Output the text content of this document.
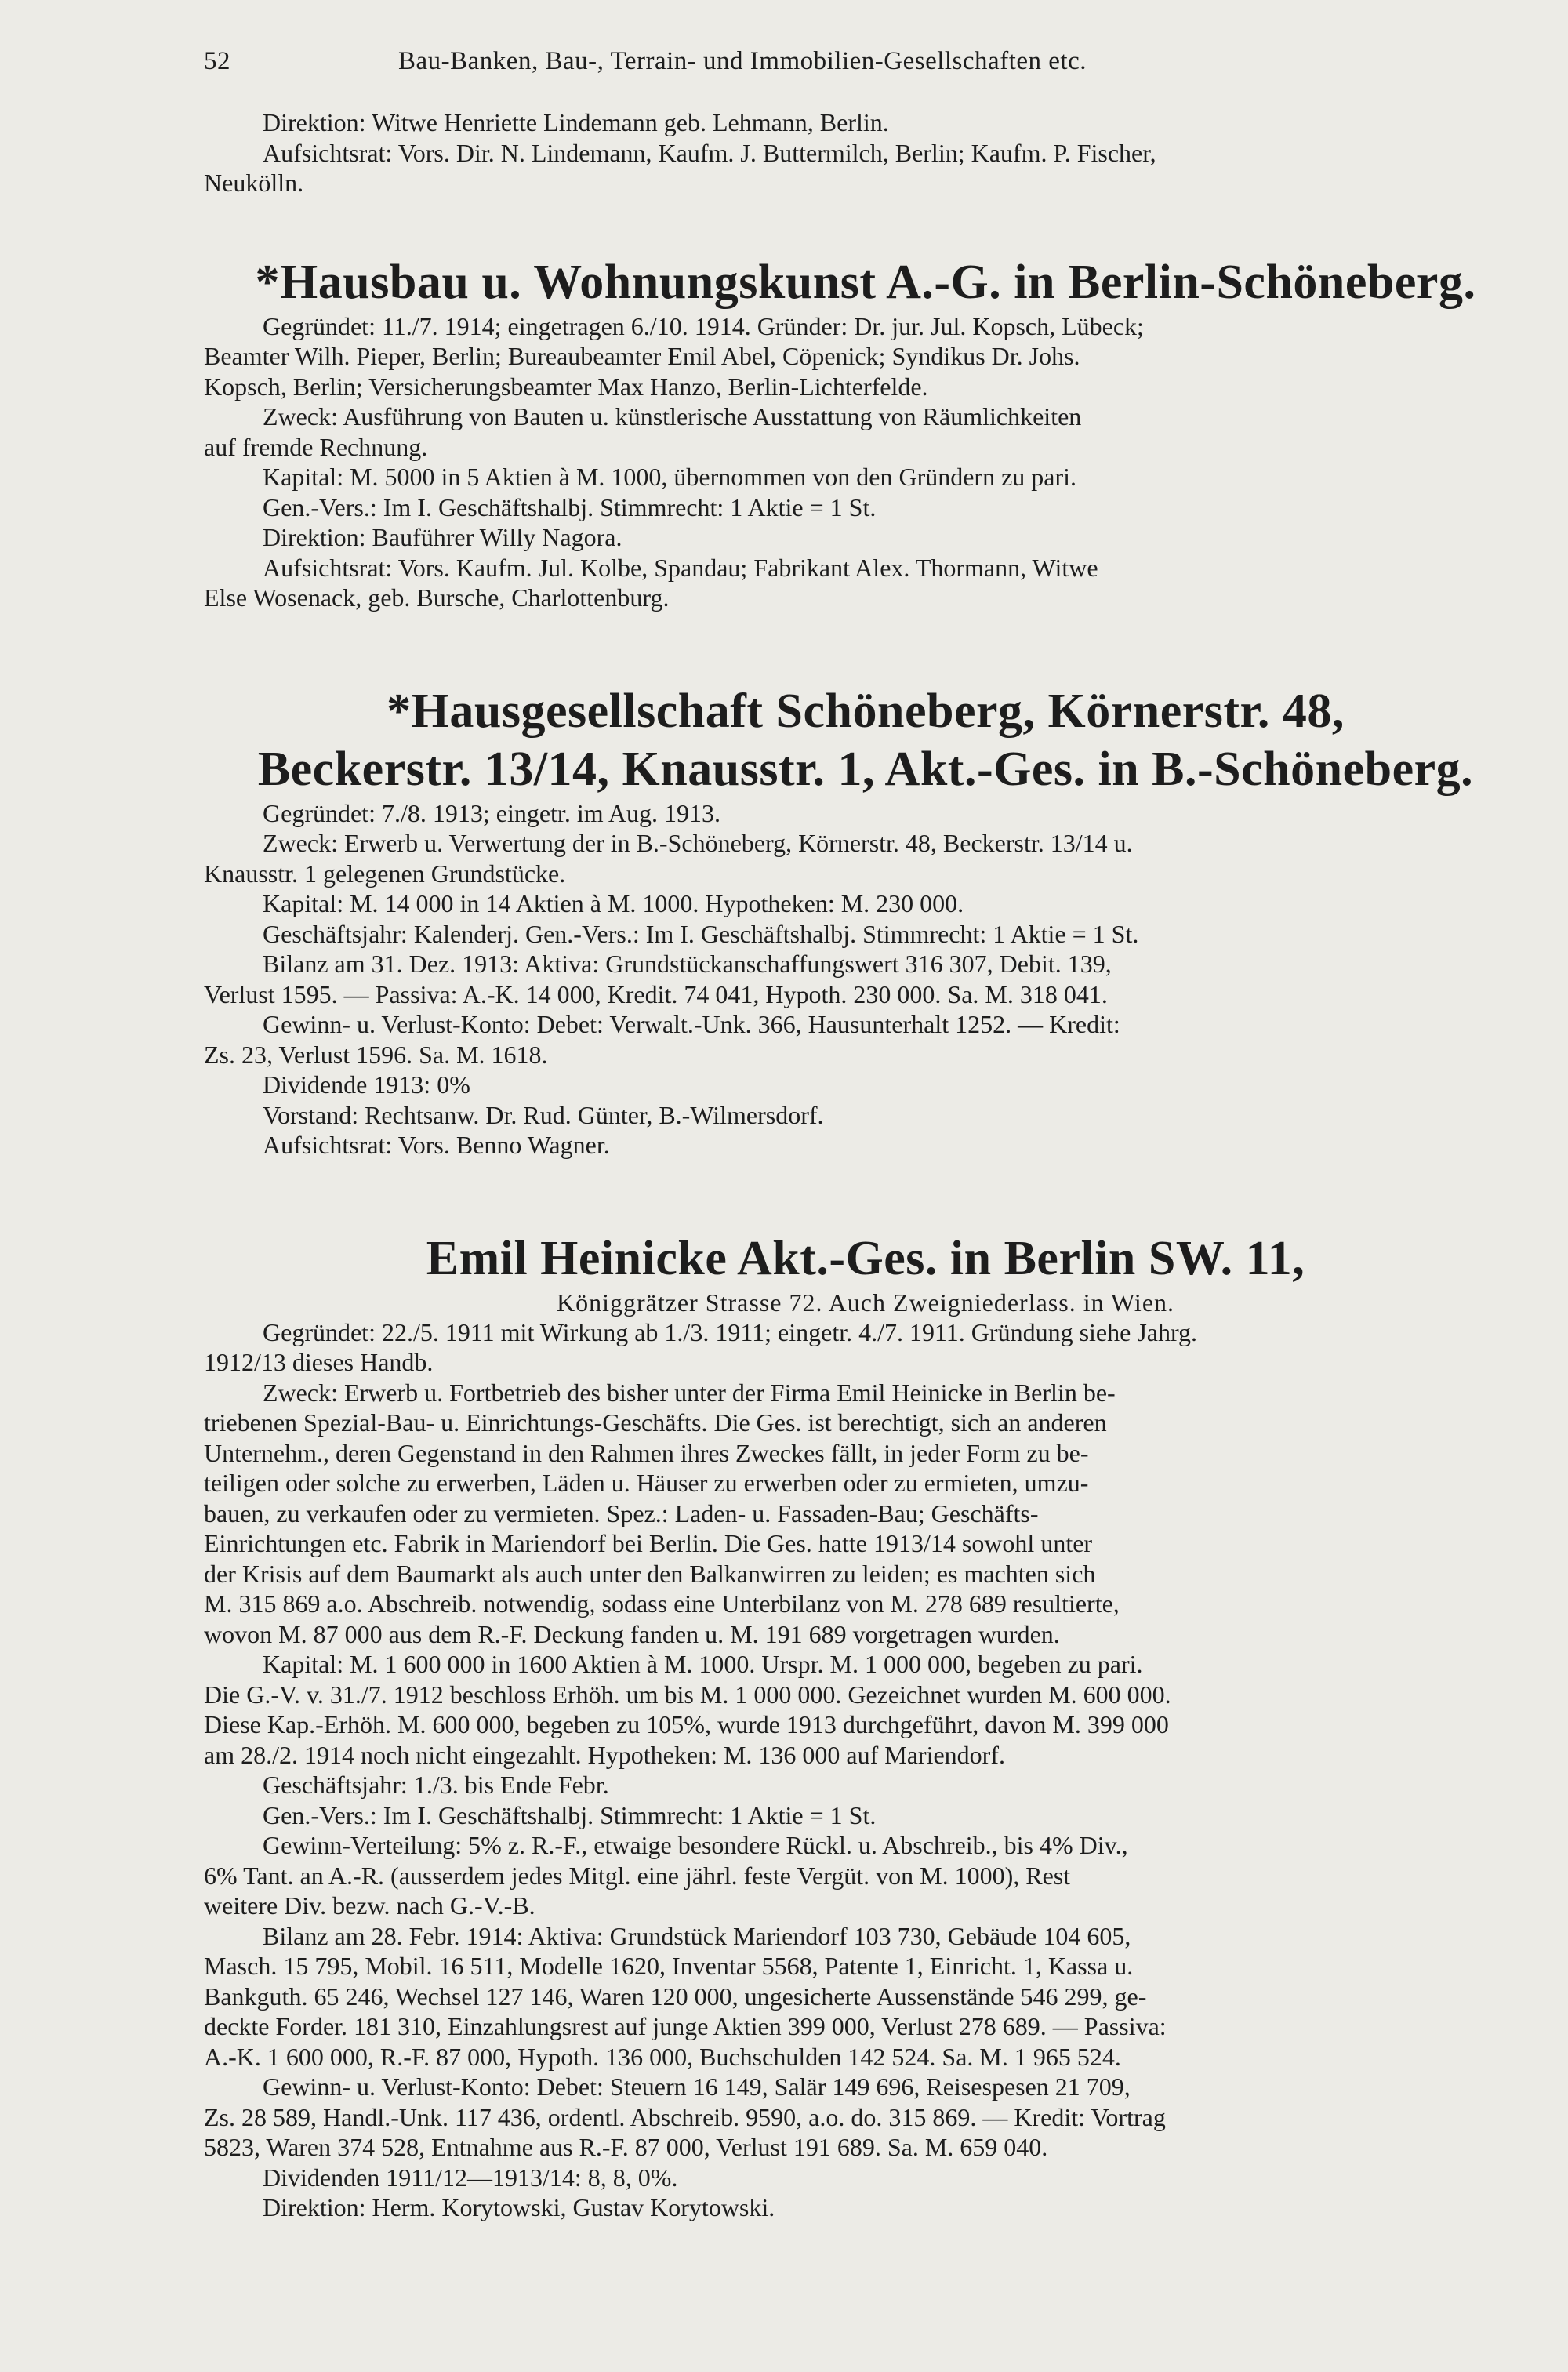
52	Bau-Banken, Bau-, Terrain- und Immobilien-Gesellschaften etc.

Direktion: Witwe Henriette Lindemann geb. Lehmann, Berlin.

Aufsichtsrat: Vors. Dir. N. Lindemann, Kaufm. J. Buttermilch, Berlin; Kaufm. P. Fischer,

Neukölln.

*Hausbau u. Wohnungskunst A.-G. in Berlin-Schöneberg.

Gegründet: 11./7. 1914; eingetragen 6./10. 1914. Gründer: Dr. jur. Jul. Kopsch, Lübeck;

Beamter Wilh. Pieper, Berlin; Bureaubeamter Emil Abel, Cöpenick; Syndikus Dr. Johs.

Kopsch, Berlin; Versicherungsbeamter Max Hanzo, Berlin-Lichterfelde.

Zweck: Ausführung von Bauten u. künstlerische Ausstattung von Räumlichkeiten

auf fremde Rechnung.

Kapital: M. 5000 in 5 Aktien à M. 1000, übernommen von den Gründern zu pari.

Gen.-Vers.: Im I. Geschäftshalbj. Stimmrecht: 1 Aktie = 1 St.

Direktion: Bauführer Willy Nagora.

Aufsichtsrat: Vors. Kaufm. Jul. Kolbe, Spandau; Fabrikant Alex. Thormann, Witwe

Else Wosenack, geb. Bursche, Charlottenburg.

*Hausgesellschaft Schöneberg, Körnerstr. 48,
Beckerstr. 13/14, Knausstr. 1, Akt.-Ges. in B.-Schöneberg.

Gegründet: 7./8. 1913; eingetr. im Aug. 1913.

Zweck: Erwerb u. Verwertung der in B.-Schöneberg, Körnerstr. 48, Beckerstr. 13/14 u.

Knausstr. 1 gelegenen Grundstücke.

Kapital: M. 14 000 in 14 Aktien à M. 1000. Hypotheken: M. 230 000.

Geschäftsjahr: Kalenderj. Gen.-Vers.: Im I. Geschäftshalbj. Stimmrecht: 1 Aktie = 1 St.

Bilanz am 31. Dez. 1913: Aktiva: Grundstückanschaffungswert 316 307, Debit. 139,

Verlust 1595. — Passiva: A.-K. 14 000, Kredit. 74 041, Hypoth. 230 000. Sa. M. 318 041.

Gewinn- u. Verlust-Konto: Debet: Verwalt.-Unk. 366, Hausunterhalt 1252. — Kredit:

Zs. 23, Verlust 1596. Sa. M. 1618.

Dividende 1913: 0%

Vorstand: Rechtsanw. Dr. Rud. Günter, B.-Wilmersdorf.

Aufsichtsrat: Vors. Benno Wagner.

Emil Heinicke Akt.-Ges. in Berlin SW. 11,

Königgrätzer Strasse 72. Auch Zweigniederlass. in Wien.

Gegründet: 22./5. 1911 mit Wirkung ab 1./3. 1911; eingetr. 4./7. 1911. Gründung siehe Jahrg.

1912/13 dieses Handb.

Zweck: Erwerb u. Fortbetrieb des bisher unter der Firma Emil Heinicke in Berlin be-

triebenen Spezial-Bau- u. Einrichtungs-Geschäfts. Die Ges. ist berechtigt, sich an anderen

Unternehm., deren Gegenstand in den Rahmen ihres Zweckes fällt, in jeder Form zu be-

teiligen oder solche zu erwerben, Läden u. Häuser zu erwerben oder zu ermieten, umzu-

bauen, zu verkaufen oder zu vermieten. Spez.: Laden- u. Fassaden-Bau; Geschäfts-

Einrichtungen etc. Fabrik in Mariendorf bei Berlin. Die Ges. hatte 1913/14 sowohl unter

der Krisis auf dem Baumarkt als auch unter den Balkanwirren zu leiden; es machten sich

M. 315 869 a.o. Abschreib. notwendig, sodass eine Unterbilanz von M. 278 689 resultierte,

wovon M. 87 000 aus dem R.-F. Deckung fanden u. M. 191 689 vorgetragen wurden.

Kapital: M. 1 600 000 in 1600 Aktien à M. 1000. Urspr. M. 1 000 000, begeben zu pari.

Die G.-V. v. 31./7. 1912 beschloss Erhöh. um bis M. 1 000 000. Gezeichnet wurden M. 600 000.

Diese Kap.-Erhöh. M. 600 000, begeben zu 105%, wurde 1913 durchgeführt, davon M. 399 000

am 28./2. 1914 noch nicht eingezahlt. Hypotheken: M. 136 000 auf Mariendorf.

Geschäftsjahr: 1./3. bis Ende Febr.

Gen.-Vers.: Im I. Geschäftshalbj. Stimmrecht: 1 Aktie = 1 St.

Gewinn-Verteilung: 5% z. R.-F., etwaige besondere Rückl. u. Abschreib., bis 4% Div.,

6% Tant. an A.-R. (ausserdem jedes Mitgl. eine jährl. feste Vergüt. von M. 1000), Rest

weitere Div. bezw. nach G.-V.-B.

Bilanz am 28. Febr. 1914: Aktiva: Grundstück Mariendorf 103 730, Gebäude 104 605,

Masch. 15 795, Mobil. 16 511, Modelle 1620, Inventar 5568, Patente 1, Einricht. 1, Kassa u.

Bankguth. 65 246, Wechsel 127 146, Waren 120 000, ungesicherte Aussenstände 546 299, ge-

deckte Forder. 181 310, Einzahlungsrest auf junge Aktien 399 000, Verlust 278 689. — Passiva:

A.-K. 1 600 000, R.-F. 87 000, Hypoth. 136 000, Buchschulden 142 524. Sa. M. 1 965 524.

Gewinn- u. Verlust-Konto: Debet: Steuern 16 149, Salär 149 696, Reisespesen 21 709,

Zs. 28 589, Handl.-Unk. 117 436, ordentl. Abschreib. 9590, a.o. do. 315 869. — Kredit: Vortrag

5823, Waren 374 528, Entnahme aus R.-F. 87 000, Verlust 191 689. Sa. M. 659 040.

Dividenden 1911/12—1913/14: 8, 8, 0%.

Direktion: Herm. Korytowski, Gustav Korytowski.
